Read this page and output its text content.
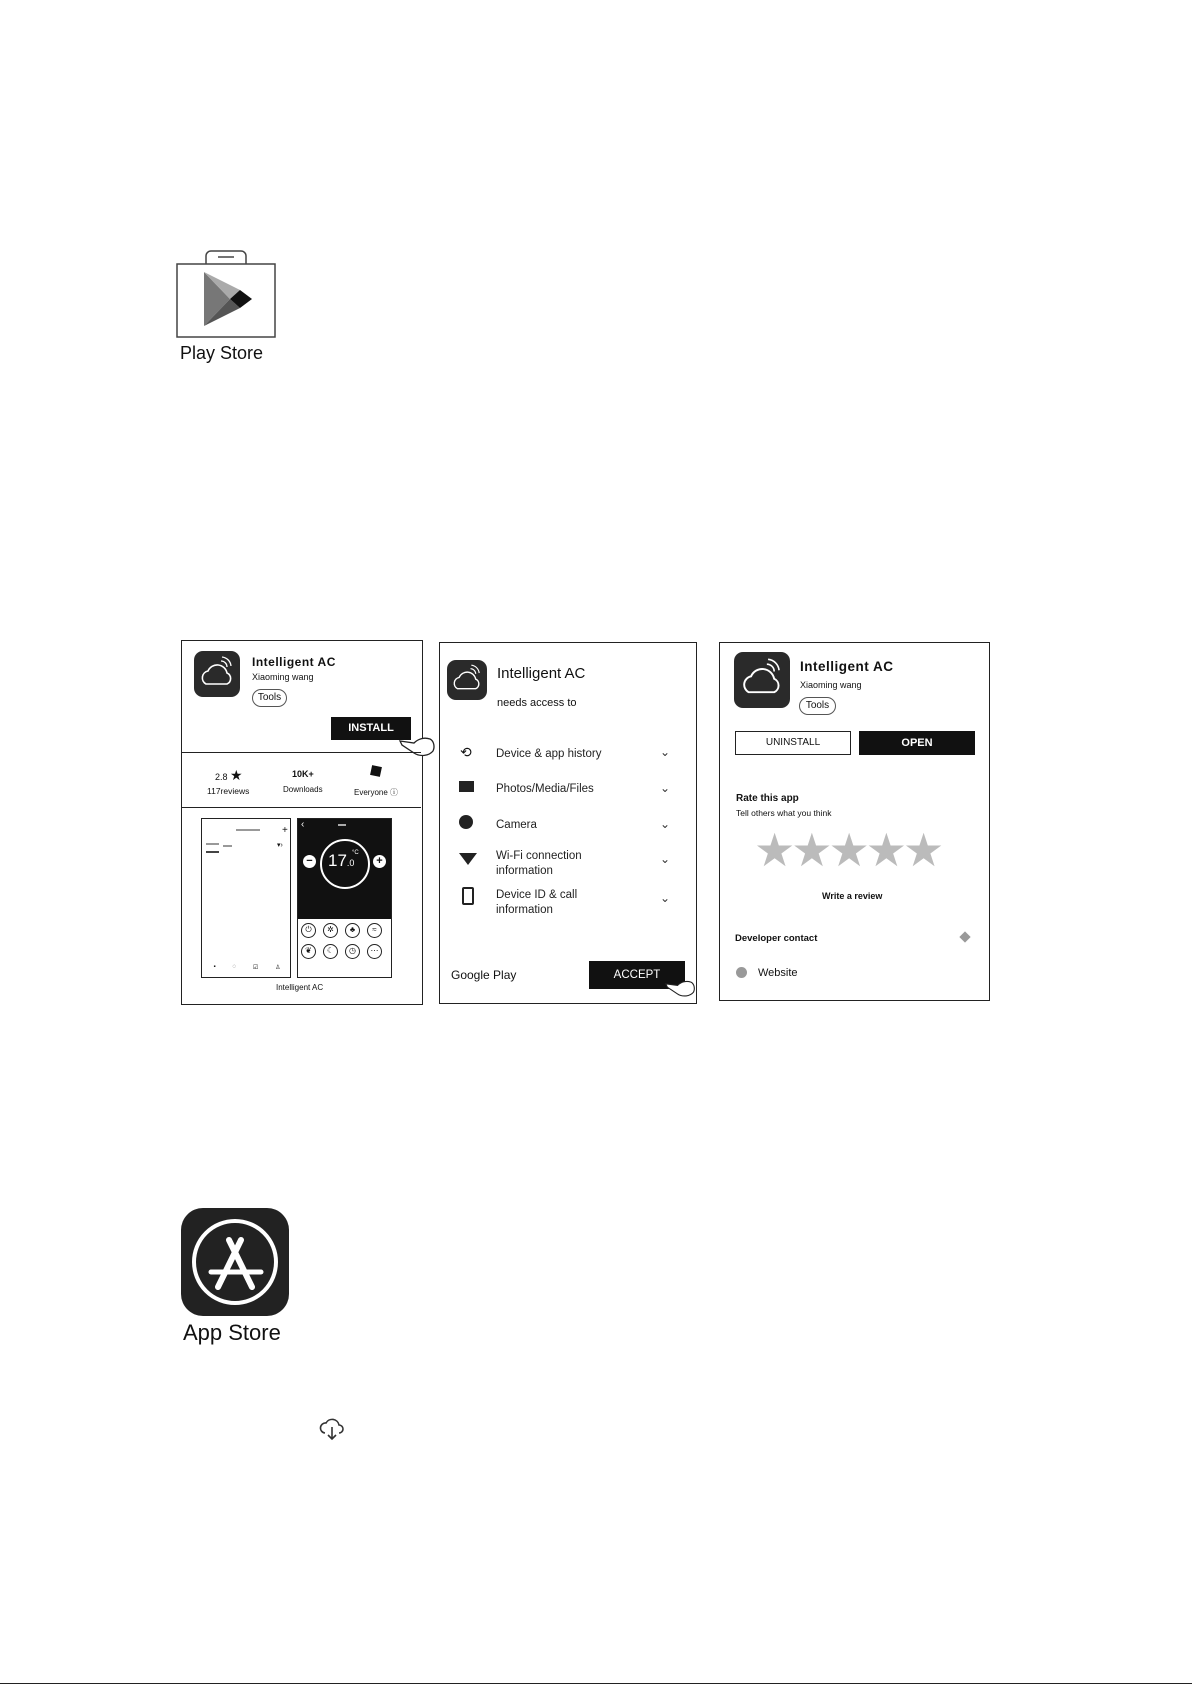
Play Store
Intelligent AC
Xiaoming wang
Tools
INSTALL
2.8 ★
117reviews
10K+
Downloads	Everyone ⓘ
+
▾›
▪	◌	☑	♙
‹
−	+
17.0
°C
⏻	✲	♣	≈
❦	☾	◷	⋯
Intelligent AC
Intelligent AC
needs access to
⟲ Device & app history	⌄
Photos/Media/Files	⌄
Camera	⌄
Wi-Fi connection information
⌄
Device ID & call information
⌄
Google Play	ACCEPT
Intelligent AC
Xiaoming wang
Tools
UNINSTALL	OPEN
Rate this app
Tell others what you think
★★★★★
Write a review
Developer contact
Website
App Store
